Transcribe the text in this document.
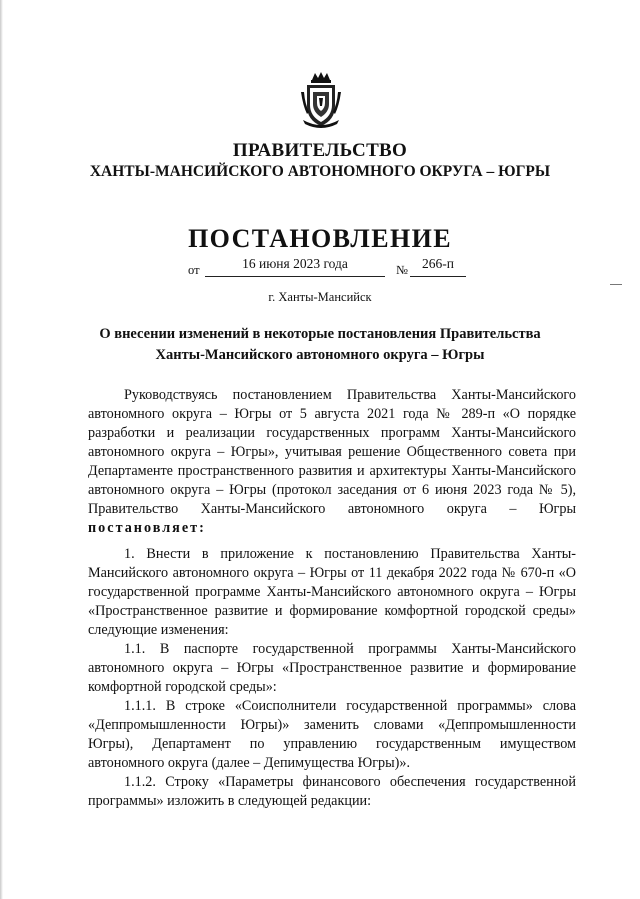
ПРАВИТЕЛЬСТВО
ХАНТЫ-МАНСИЙСКОГО АВТОНОМНОГО ОКРУГА – ЮГРЫ
ПОСТАНОВЛЕНИЕ
от	16 июня 2023 года	№	266-п
г. Ханты-Мансийск
О внесении изменений в некоторые постановления Правительства
Ханты-Мансийского автономного округа – Югры

Руководствуясь постановлением Правительства Ханты-Мансийского автономного округа – Югры от 5 августа 2021 года № 289-п «О порядке разработки и реализации государственных программ Ханты-Мансийского автономного округа – Югры», учитывая решение Общественного совета при Департаменте пространственного развития и архитектуры Ханты-Мансийского автономного округа – Югры (протокол заседания от 6 июня 2023 года № 5), Правительство Ханты-Мансийского автономного округа – Югры постановляет:

1. Внести в приложение к постановлению Правительства Ханты-Мансийского автономного округа – Югры от 11 декабря 2022 года № 670-п «О государственной программе Ханты-Мансийского автономного округа – Югры «Пространственное развитие и формирование комфортной городской среды» следующие изменения:

1.1. В паспорте государственной программы Ханты-Мансийского автономного округа – Югры «Пространственное развитие и формирование комфортной городской среды»:

1.1.1. В строке «Соисполнители государственной программы» слова «Деппромышленности Югры)» заменить словами «Деппромышленности Югры), Департамент по управлению государственным имуществом автономного округа (далее – Депимущества Югры)».

1.1.2. Строку «Параметры финансового обеспечения государственной программы» изложить в следующей редакции:
